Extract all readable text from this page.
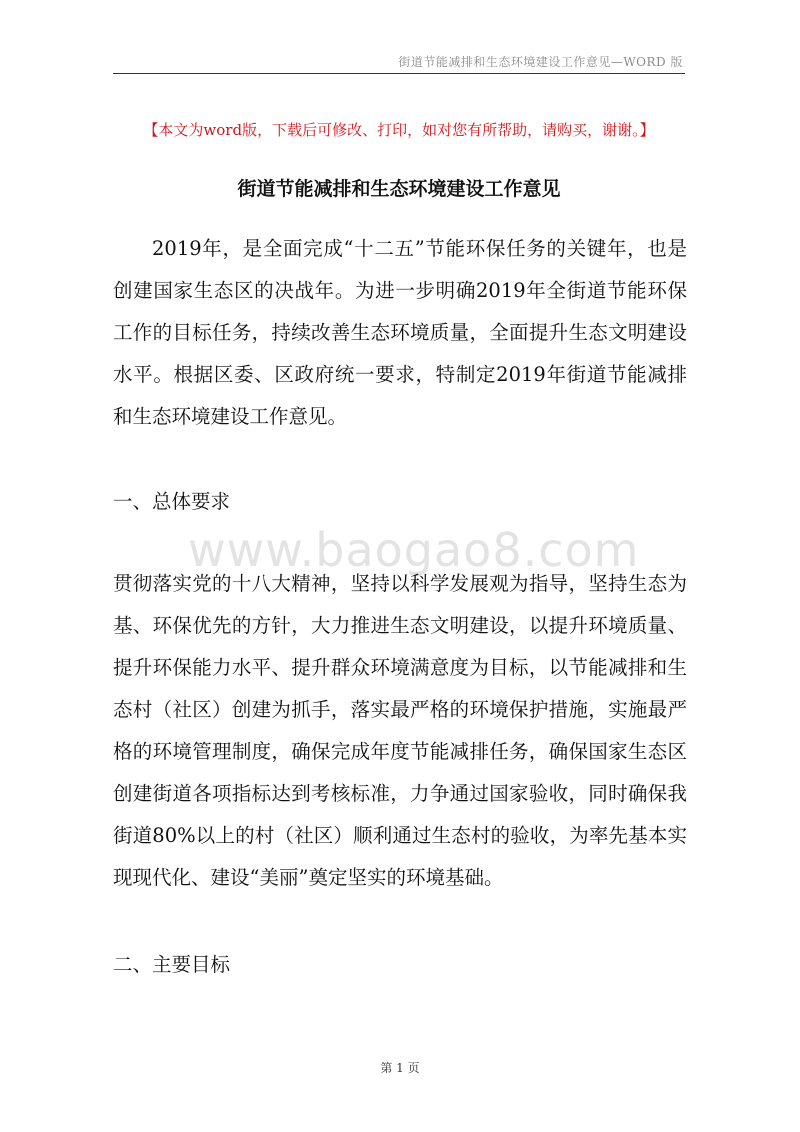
街道节能减排和生态环境建设工作意见—WORD 版
【本文为word版，下载后可修改、打印，如对您有所帮助，请购买，谢谢。】
街道节能减排和生态环境建设工作意见

2019年，是全面完成“十二五”节能环保任务的关键年，也是创建国家生态区的决战年。为进一步明确2019年全街道节能环保工作的目标任务，持续改善生态环境质量，全面提升生态文明建设水平。根据区委、区政府统一要求，特制定2019年街道节能减排和生态环境建设工作意见。

一、总体要求
www.baogao8.com

贯彻落实党的十八大精神，坚持以科学发展观为指导，坚持生态为基、环保优先的方针，大力推进生态文明建设，以提升环境质量、提升环保能力水平、提升群众环境满意度为目标，以节能减排和生态村（社区）创建为抓手，落实最严格的环境保护措施，实施最严格的环境管理制度，确保完成年度节能减排任务，确保国家生态区创建街道各项指标达到考核标准，力争通过国家验收，同时确保我街道80%以上的村（社区）顺利通过生态村的验收，为率先基本实现现代化、建设“美丽”奠定坚实的环境基础。

二、主要目标
第 1 页
